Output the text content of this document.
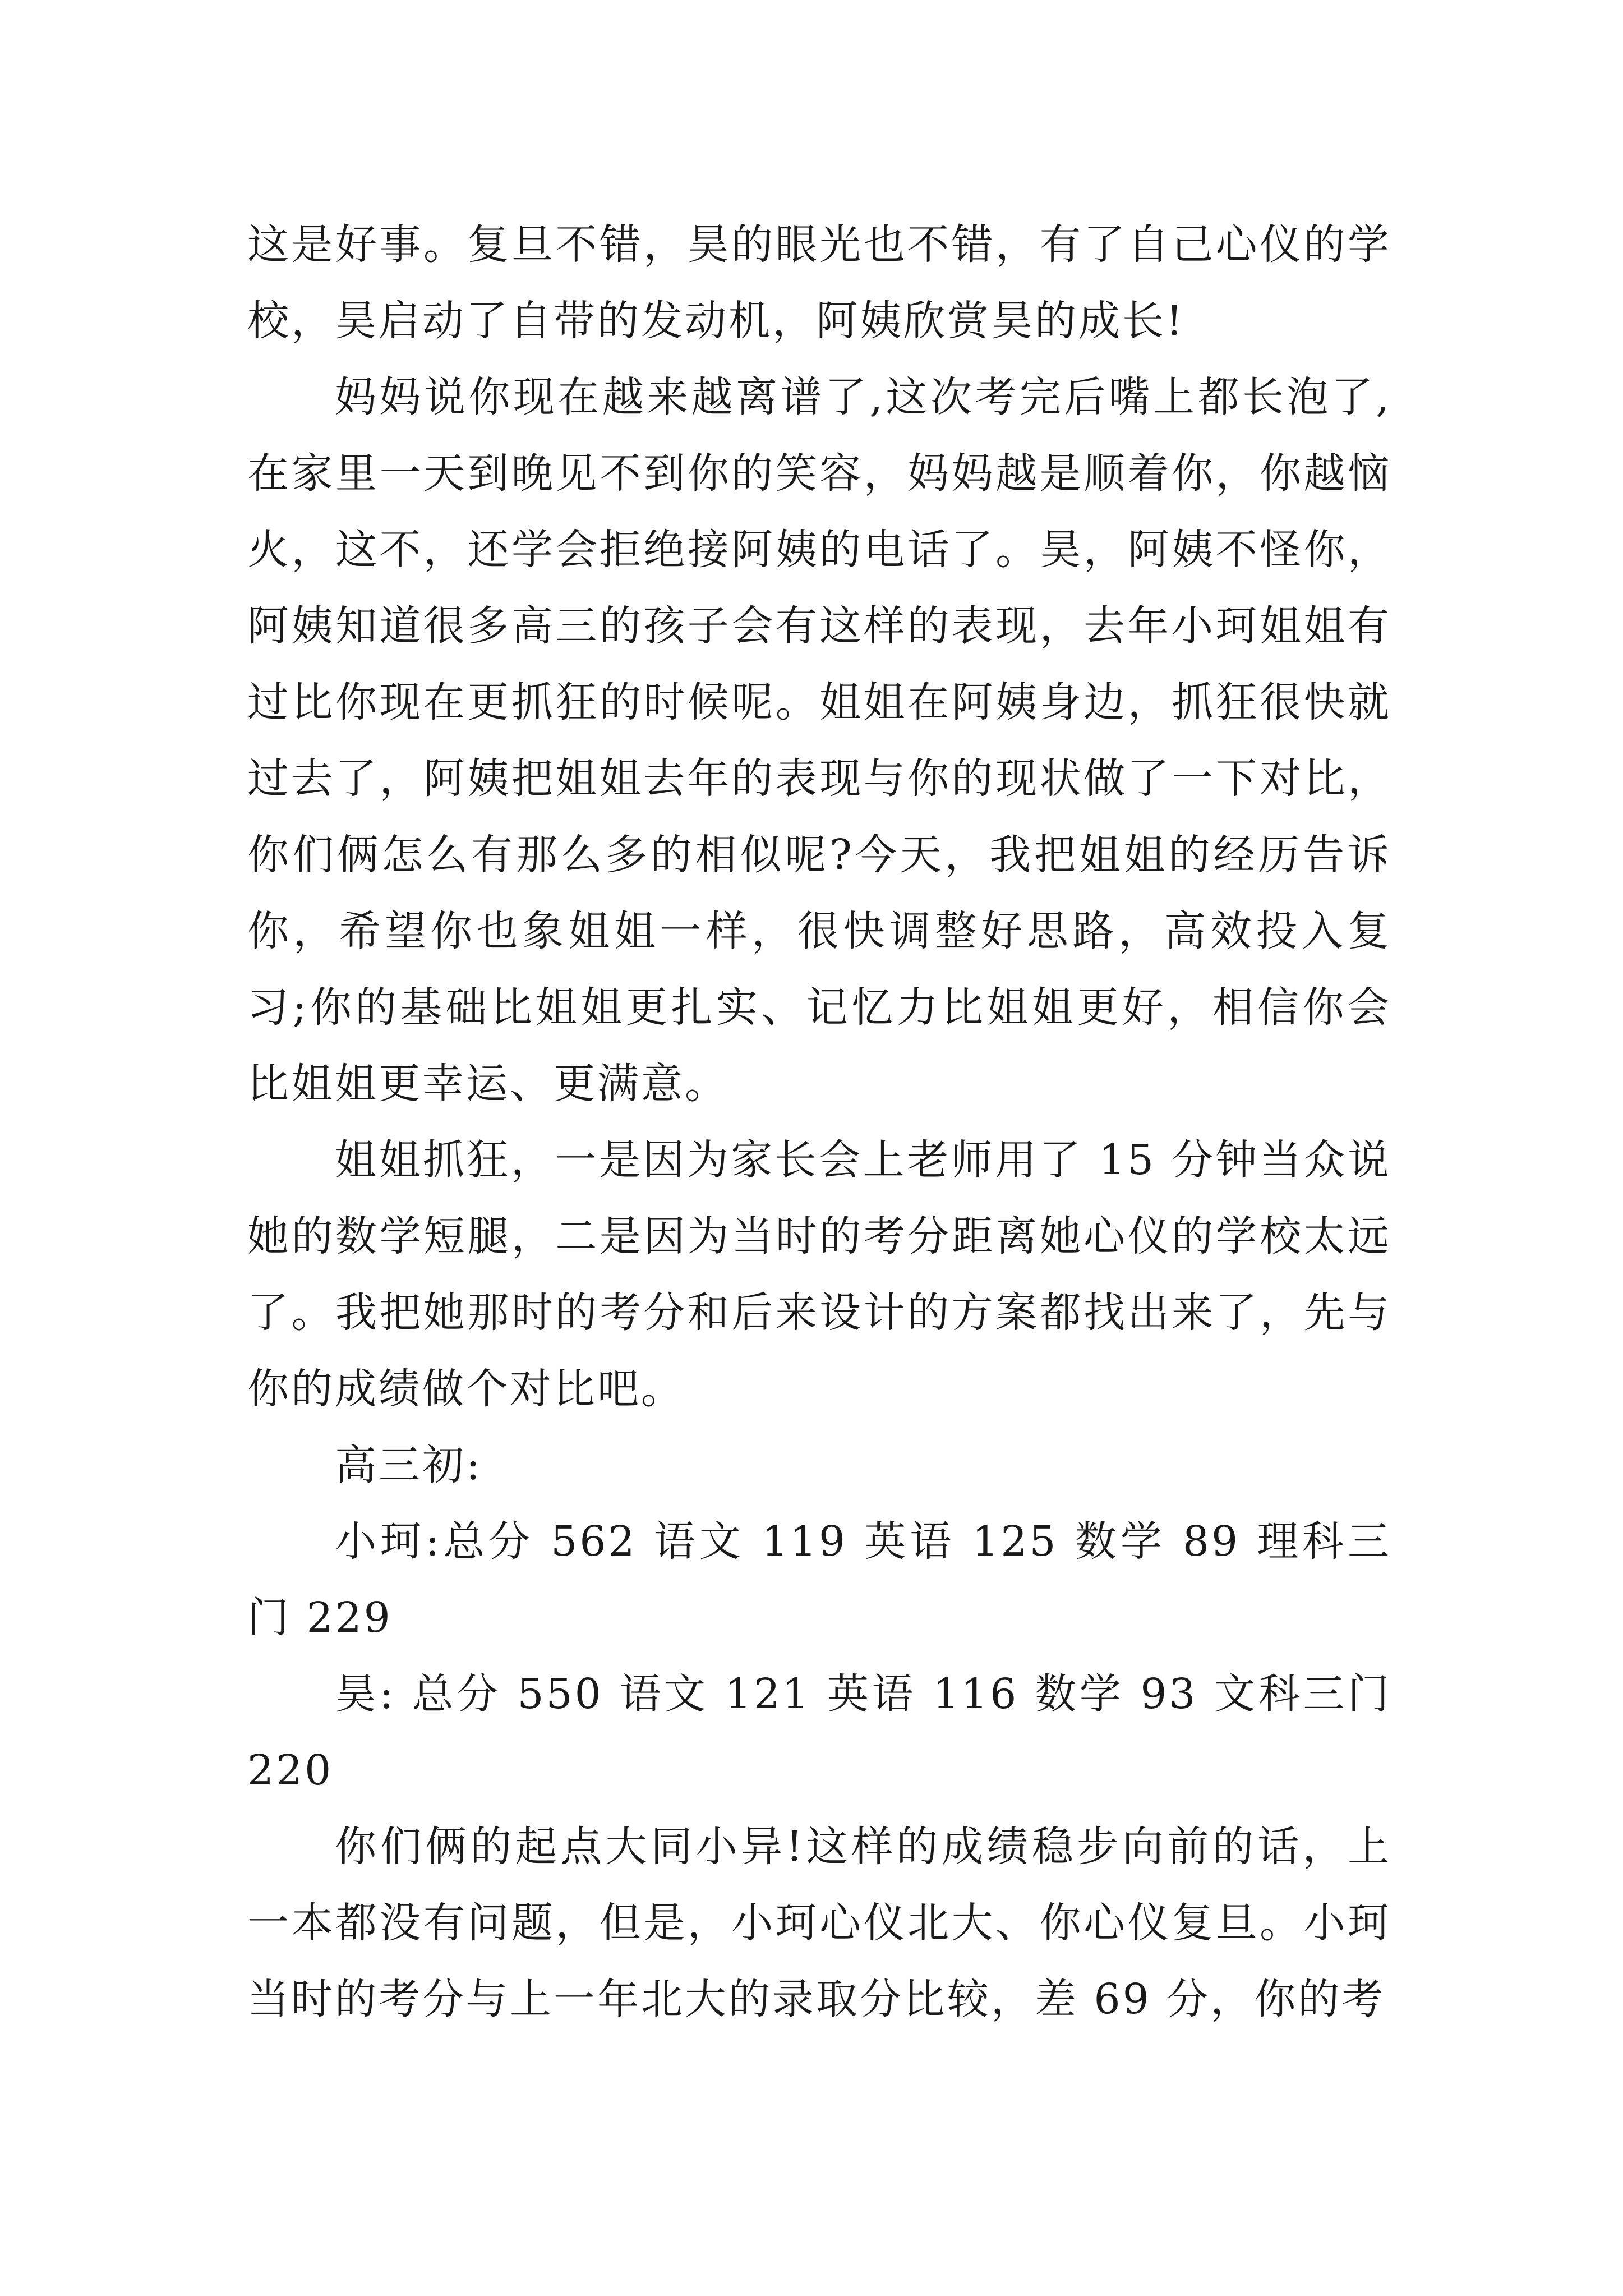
这是好事。复旦不错，昊的眼光也不错，有了自己心仪的学校，昊启动了自带的发动机，阿姨欣赏昊的成长!

妈妈说你现在越来越离谱了,这次考完后嘴上都长泡了,在家里一天到晚见不到你的笑容，妈妈越是顺着你，你越恼火，这不，还学会拒绝接阿姨的电话了。昊，阿姨不怪你，阿姨知道很多高三的孩子会有这样的表现，去年小珂姐姐有过比你现在更抓狂的时候呢。姐姐在阿姨身边，抓狂很快就过去了，阿姨把姐姐去年的表现与你的现状做了一下对比，你们俩怎么有那么多的相似呢?今天，我把姐姐的经历告诉你，希望你也象姐姐一样，很快调整好思路，高效投入复习;你的基础比姐姐更扎实、记忆力比姐姐更好，相信你会比姐姐更幸运、更满意。

姐姐抓狂，一是因为家长会上老师用了 15 分钟当众说她的数学短腿，二是因为当时的考分距离她心仪的学校太远了。我把她那时的考分和后来设计的方案都找出来了，先与你的成绩做个对比吧。

高三初:

小珂:总分 562 语文 119 英语 125 数学 89 理科三门 229

昊: 总分 550 语文 121 英语 116 数学 93 文科三门 220

你们俩的起点大同小异!这样的成绩稳步向前的话，上一本都没有问题，但是，小珂心仪北大、你心仪复旦。小珂当时的考分与上一年北大的录取分比较，差 69 分，你的考
